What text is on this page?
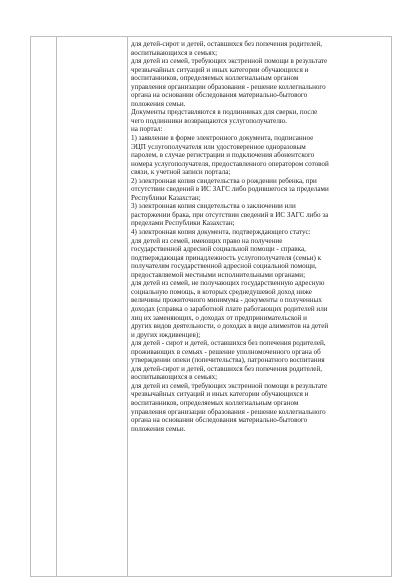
для детей-сирот и детей, оставшихся без попечения родителей,

воспитывающихся в семьях;

для детей из семей, требующих экстренной помощи в результате

чрезвычайных ситуаций и иных категории обучающихся и

воспитанников, определяемых коллегиальным органом

управления организации образования - решение коллегиального

органа на основании обследования материально-бытового

положения семьи.

Документы представляются в подлинниках для сверки, после

чего подлинники возвращаются услугополучателю.

на портал:

1) заявление в форме электронного документа, подписанное

ЭЦП услугополучателя или удостоверенное одноразовым

паролем, в случае регистрации и подключения абонентского

номера услугополучателя, предоставленного оператором сотовой

связи, к учетной записи портала;

2) электронная копия свидетельства о рождении ребенка, при

отсутствии сведений в ИС ЗАГС либо родившегося за пределами

Республики Казахстан;

3) электронная копия свидетельства о заключении или

расторжении брака, при отсутствии сведений в ИС ЗАГС либо за

пределами Республики Казахстан;

4) электронная копия документа, подтверждающего статус:

для детей из семей, имеющих право на получение

государственной адресной социальной помощи - справка,

подтверждающая принадлежность услугополучателя (семьи) к

получателям государственной адресной социальной помощи,

предоставляемой местными исполнительными органами;

для детей из семей, не получающих государственную адресную

социальную помощь, в которых среднедушевой доход ниже

величины прожиточного минимума - документы о полученных

доходах (справка о заработной плате работающих родителей или

лиц их заменяющих, о доходах от предпринимательской и

других видов деятельности, о доходах в виде алиментов на детей

и других иждивенцев);

для детей - сирот и детей, оставшихся без попечения родителей,

проживающих в семьях - решение уполномоченного органа об

утверждении опеки (попечительства), патронатного воспитания

для детей-сирот и детей, оставшихся без попечения родителей,

воспитывающихся в семьях;

для детей из семей, требующих экстренной помощи в результате

чрезвычайных ситуаций и иных категории обучающихся и

воспитанников, определяемых коллегиальным органом

управления организации образования - решение коллегиального

органа на основании обследования материально-бытового

положения семьи.
